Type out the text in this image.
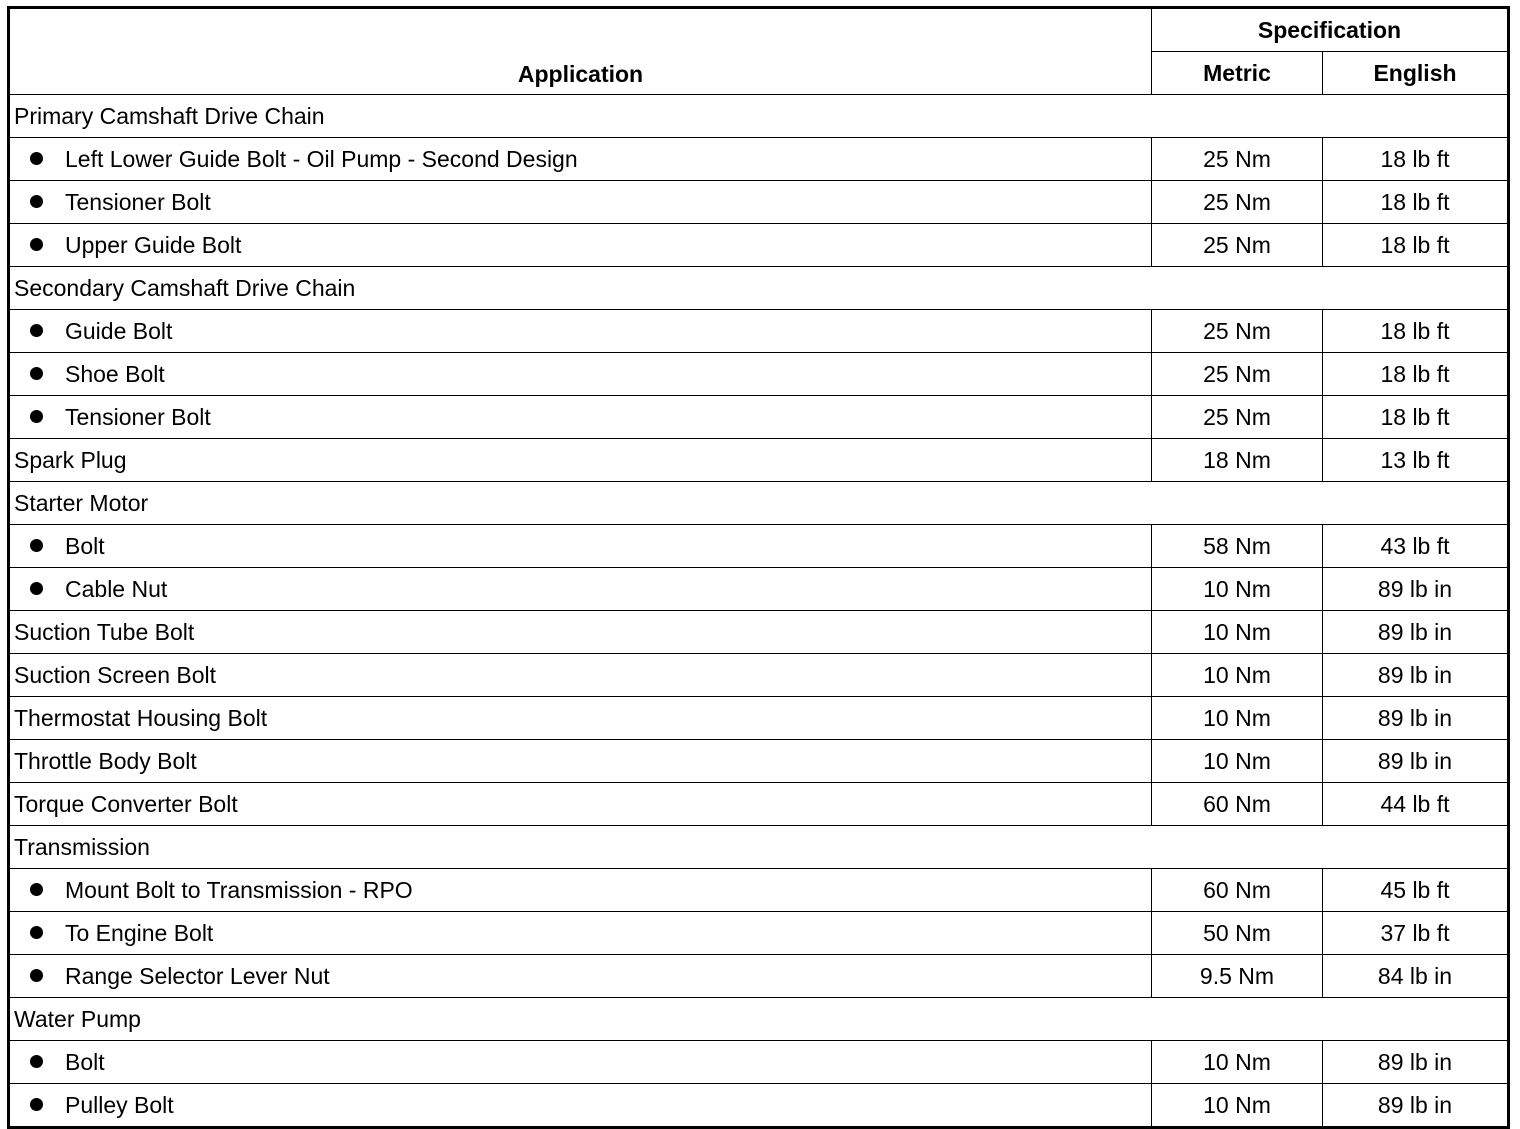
Application	Specification	
	Metric	English
Primary Camshaft Drive Chain		
Left Lower Guide Bolt - Oil Pump - Second Design	25 Nm	18 lb ft
Tensioner Bolt	25 Nm	18 lb ft
Upper Guide Bolt	25 Nm	18 lb ft
Secondary Camshaft Drive Chain		
Guide Bolt	25 Nm	18 lb ft
Shoe Bolt	25 Nm	18 lb ft
Tensioner Bolt	25 Nm	18 lb ft
Spark Plug	18 Nm	13 lb ft
Starter Motor		
Bolt	58 Nm	43 lb ft
Cable Nut	10 Nm	89 lb in
Suction Tube Bolt	10 Nm	89 lb in
Suction Screen Bolt	10 Nm	89 lb in
Thermostat Housing Bolt	10 Nm	89 lb in
Throttle Body Bolt	10 Nm	89 lb in
Torque Converter Bolt	60 Nm	44 lb ft
Transmission		
Mount Bolt to Transmission - RPO	60 Nm	45 lb ft
To Engine Bolt	50 Nm	37 lb ft
Range Selector Lever Nut	9.5 Nm	84 lb in
Water Pump		
Bolt	10 Nm	89 lb in
Pulley Bolt	10 Nm	89 lb in
